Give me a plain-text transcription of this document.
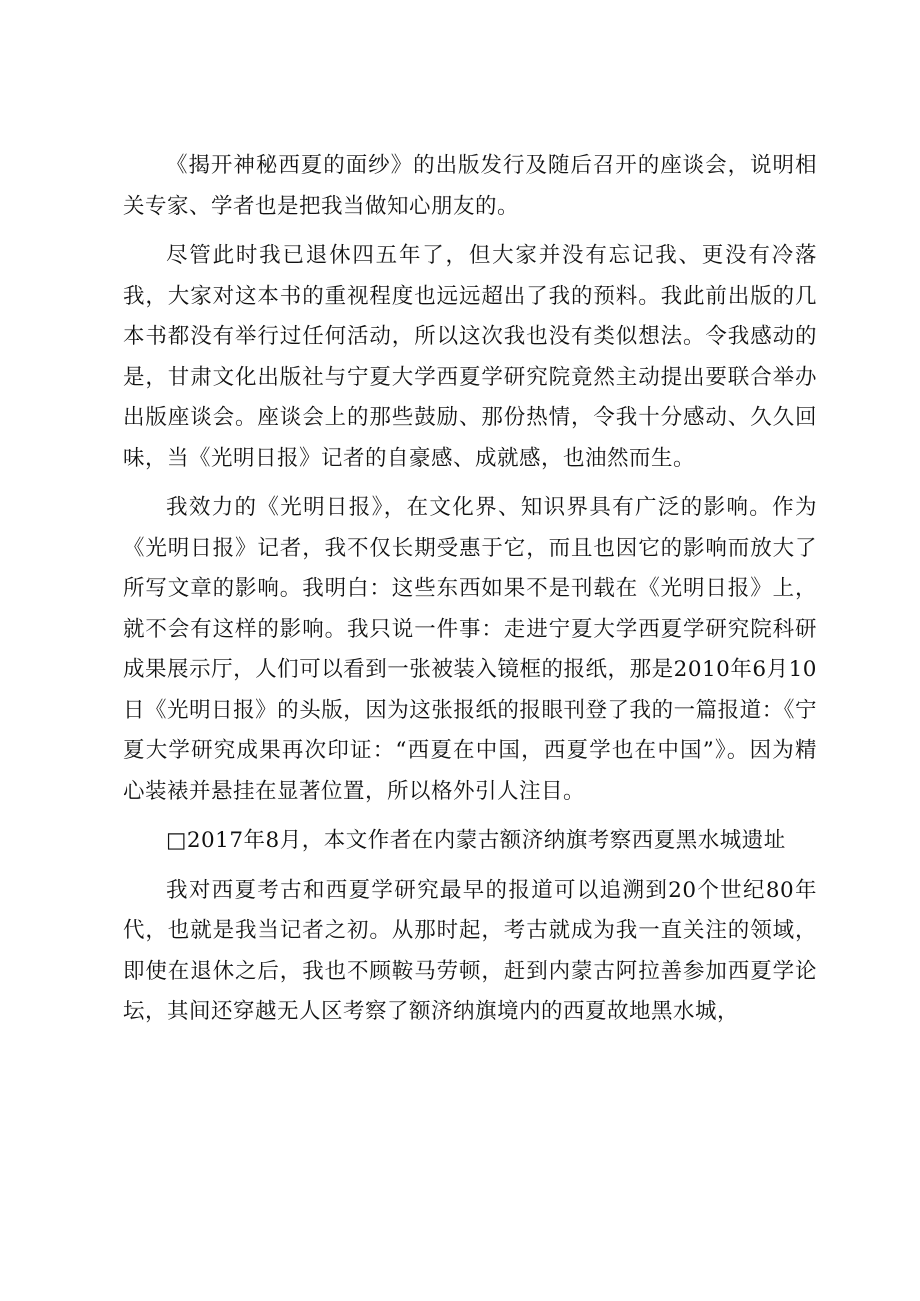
《揭开神秘西夏的面纱》的出版发行及随后召开的座谈会，说明相关专家、学者也是把我当做知心朋友的。

尽管此时我已退休四五年了，但大家并没有忘记我、更没有冷落我，大家对这本书的重视程度也远远超出了我的预料。我此前出版的几本书都没有举行过任何活动，所以这次我也没有类似想法。令我感动的是，甘肃文化出版社与宁夏大学西夏学研究院竟然主动提出要联合举办出版座谈会。座谈会上的那些鼓励、那份热情，令我十分感动、久久回味，当《光明日报》记者的自豪感、成就感，也油然而生。

我效力的《光明日报》，在文化界、知识界具有广泛的影响。作为《光明日报》记者，我不仅长期受惠于它，而且也因它的影响而放大了所写文章的影响。我明白：这些东西如果不是刊载在《光明日报》上，就不会有这样的影响。我只说一件事：走进宁夏大学西夏学研究院科研成果展示厅，人们可以看到一张被装入镜框的报纸，那是2010年6月10日《光明日报》的头版，因为这张报纸的报眼刊登了我的一篇报道：《宁夏大学研究成果再次印证：“西夏在中国，西夏学也在中国”》。因为精心装裱并悬挂在显著位置，所以格外引人注目。

□2017年8月，本文作者在内蒙古额济纳旗考察西夏黑水城遗址

我对西夏考古和西夏学研究最早的报道可以追溯到20个世纪80年代，也就是我当记者之初。从那时起，考古就成为我一直关注的领域，即使在退休之后，我也不顾鞍马劳顿，赶到内蒙古阿拉善参加西夏学论坛，其间还穿越无人区考察了额济纳旗境内的西夏故地黑水城，
